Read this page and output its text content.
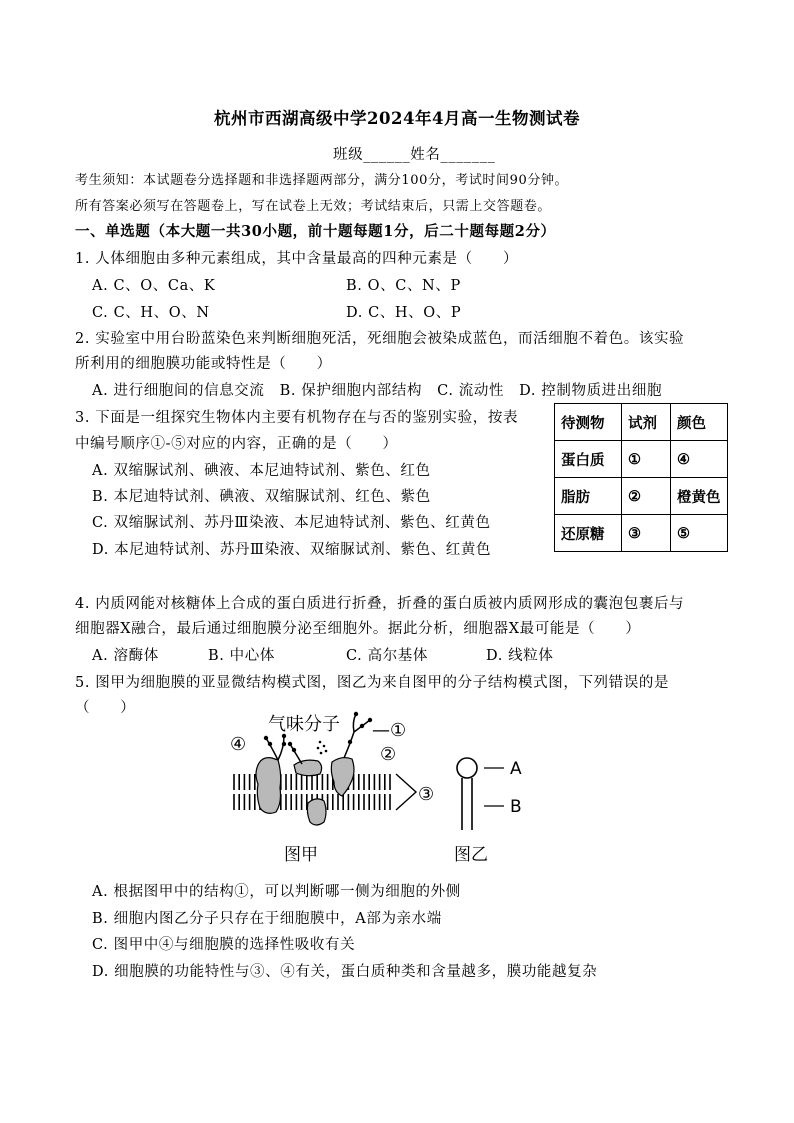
杭州市西湖高级中学2024年4月高一生物测试卷
班级______姓名_______
考生须知：本试题卷分选择题和非选择题两部分，满分100分，考试时间90分钟。
所有答案必须写在答题卷上，写在试卷上无效；考试结束后，只需上交答题卷。
一、单选题（本大题一共30小题，前十题每题1分，后二十题每题2分）
1. 人体细胞由多种元素组成，其中含量最高的四种元素是（　　）
A. C、O、Ca、K	B. O、C、N、P
C. C、H、O、N	D. C、H、O、P
2. 实验室中用台盼蓝染色来判断细胞死活，死细胞会被染成蓝色，而活细胞不着色。该实验
所利用的细胞膜功能或特性是（　　）
A. 进行细胞间的信息交流　B. 保护细胞内部结构　C. 流动性　D. 控制物质进出细胞
3. 下面是一组探究生物体内主要有机物存在与否的鉴别实验，按表
中编号顺序①-⑤对应的内容，正确的是（　　）
A. 双缩脲试剂、碘液、本尼迪特试剂、紫色、红色
B. 本尼迪特试剂、碘液、双缩脲试剂、红色、紫色
C. 双缩脲试剂、苏丹Ⅲ染液、本尼迪特试剂、紫色、红黄色
D. 本尼迪特试剂、苏丹Ⅲ染液、双缩脲试剂、紫色、红黄色
待测物	试剂	颜色
蛋白质	①	④
脂肪	②	橙黄色
还原糖	③	⑤
4. 内质网能对核糖体上合成的蛋白质进行折叠，折叠的蛋白质被内质网形成的囊泡包裹后与
细胞器X融合，最后通过细胞膜分泌至细胞外。据此分析，细胞器X最可能是（　　）
A. 溶酶体	B. 中心体	C. 高尔基体	D. 线粒体
5. 图甲为细胞膜的亚显微结构模式图，图乙为来自图甲的分子结构模式图，下列错误的是
（　　）
气味分子 —①
②
④
③
图甲
A
B
图乙
A. 根据图甲中的结构①，可以判断哪一侧为细胞的外侧
B. 细胞内图乙分子只存在于细胞膜中，A部为亲水端
C. 图甲中④与细胞膜的选择性吸收有关
D. 细胞膜的功能特性与③、④有关，蛋白质种类和含量越多，膜功能越复杂
